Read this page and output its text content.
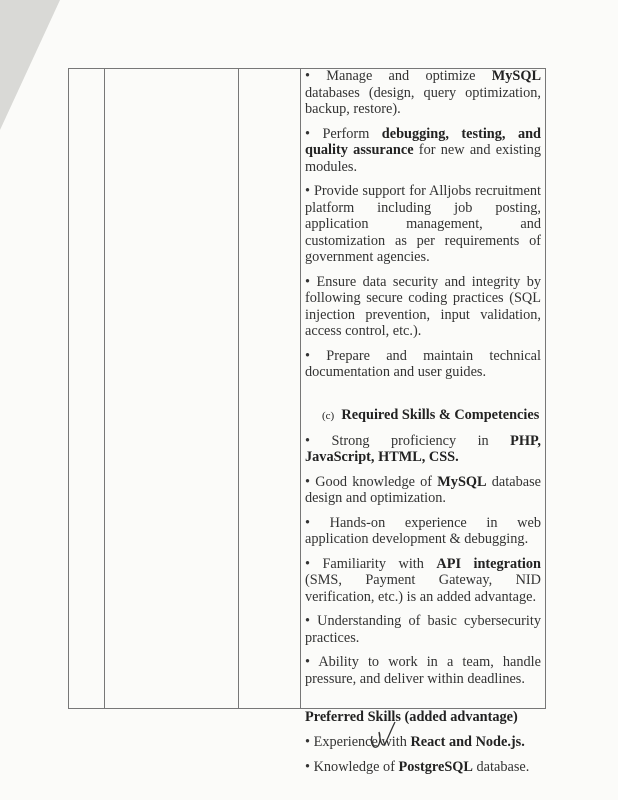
• Manage and optimize MySQL databases (design, query optimization, backup, restore).

• Perform debugging, testing, and quality assurance for new and existing modules.

• Provide support for Alljobs recruitment platform including job posting, application management, and customization as per requirements of government agencies.

• Ensure data security and integrity by following secure coding practices (SQL injection prevention, input validation, access control, etc.).

• Prepare and maintain technical documentation and user guides.

(c) Required Skills & Competencies

• Strong proficiency in PHP, JavaScript, HTML, CSS.

• Good knowledge of MySQL database design and optimization.

• Hands-on experience in web application development & debugging.

• Familiarity with API integration (SMS, Payment Gateway, NID verification, etc.) is an added advantage.

• Understanding of basic cybersecurity practices.

• Ability to work in a team, handle pressure, and deliver within deadlines.

Preferred Skills (added advantage)

• Experience with React and Node.js.

• Knowledge of PostgreSQL database.
